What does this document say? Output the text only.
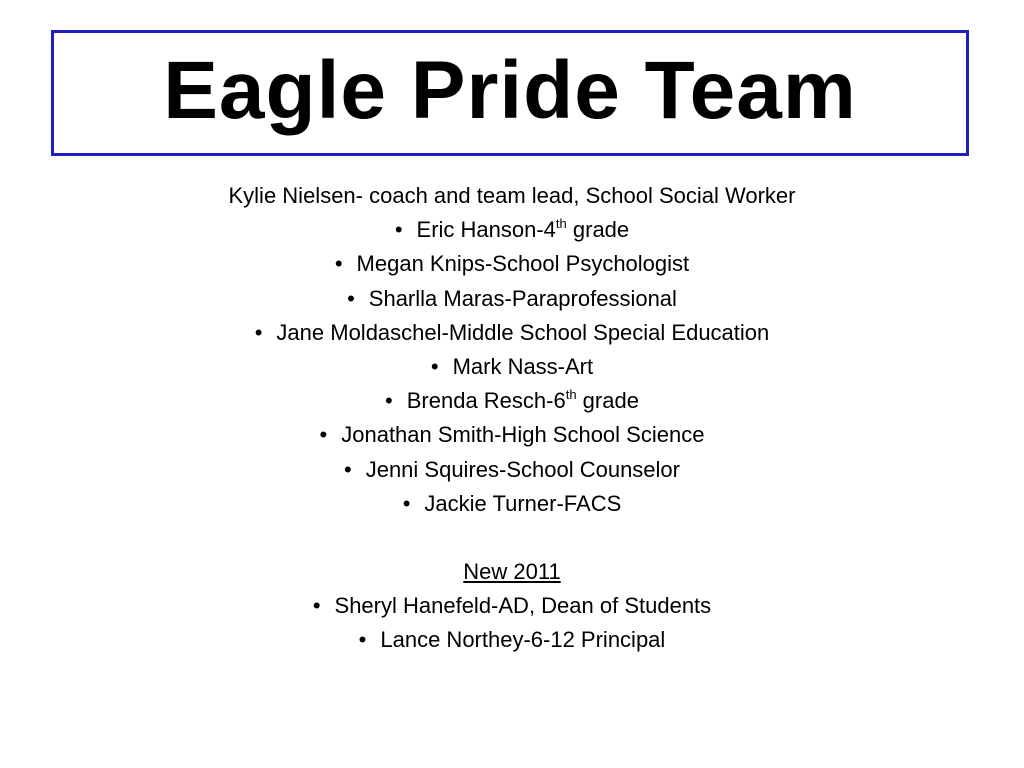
Eagle Pride Team
Kylie Nielsen- coach and team lead, School Social Worker
• Eric Hanson-4th grade
• Megan Knips-School Psychologist
• Sharlla Maras-Paraprofessional
• Jane Moldaschel-Middle School Special Education
• Mark Nass-Art
• Brenda Resch-6th grade
• Jonathan Smith-High School Science
• Jenni Squires-School Counselor
• Jackie Turner-FACS
New 2011
• Sheryl Hanefeld-AD, Dean of Students
• Lance Northey-6-12 Principal
